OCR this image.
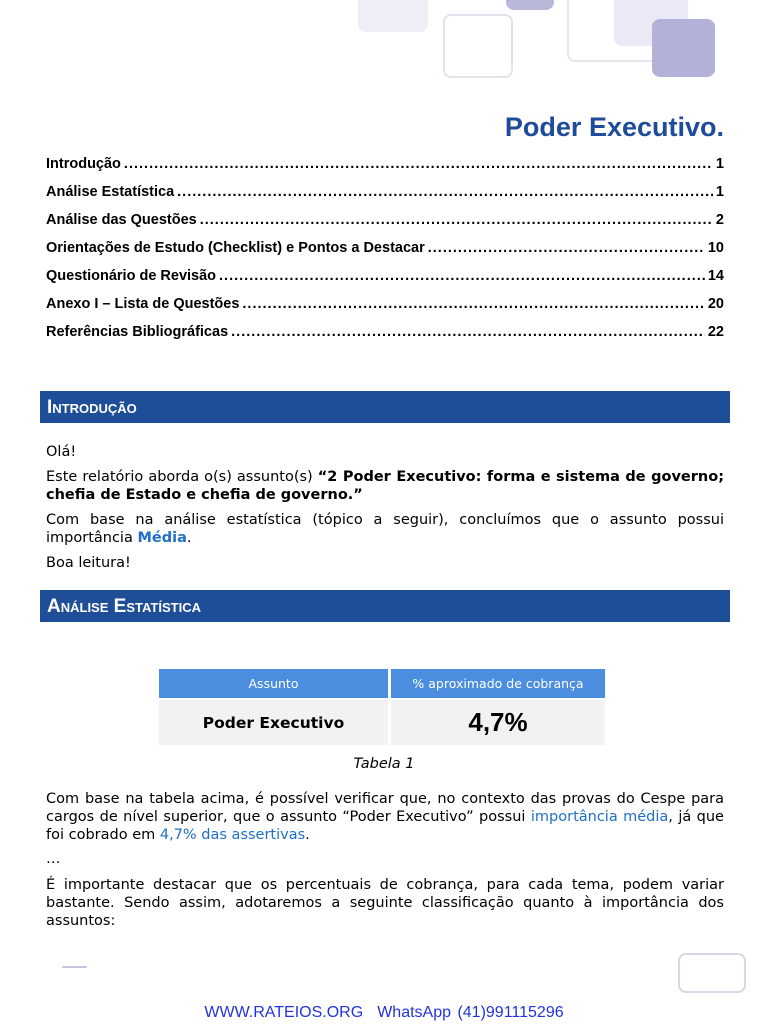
Poder Executivo.
Introdução .....	1
Análise Estatística .....	1
Análise das Questões .....	2
Orientações de Estudo (Checklist) e Pontos a Destacar .....	10
Questionário de Revisão .....	14
Anexo I – Lista de Questões .....	20
Referências Bibliográficas .....	22
Introdução

Olá!

Este relatório aborda o(s) assunto(s) “2 Poder Executivo: forma e sistema de governo; chefia de Estado e chefia de governo.”

Com base na análise estatística (tópico a seguir), concluímos que o assunto possui importância Média.

Boa leitura!

Análise Estatística
Assunto	% aproximado de cobrança
Poder Executivo	4,7%
Tabela 1

Com base na tabela acima, é possível verificar que, no contexto das provas do Cespe para cargos de nível superior, que o assunto “Poder Executivo” possui importância média, já que foi cobrado em 4,7% das assertivas.

…

É importante destacar que os percentuais de cobrança, para cada tema, podem variar bastante. Sendo assim, adotaremos a seguinte classificação quanto à importância dos assuntos:

WWW.RATEIOS.ORG WhatsApp (41)991115296
